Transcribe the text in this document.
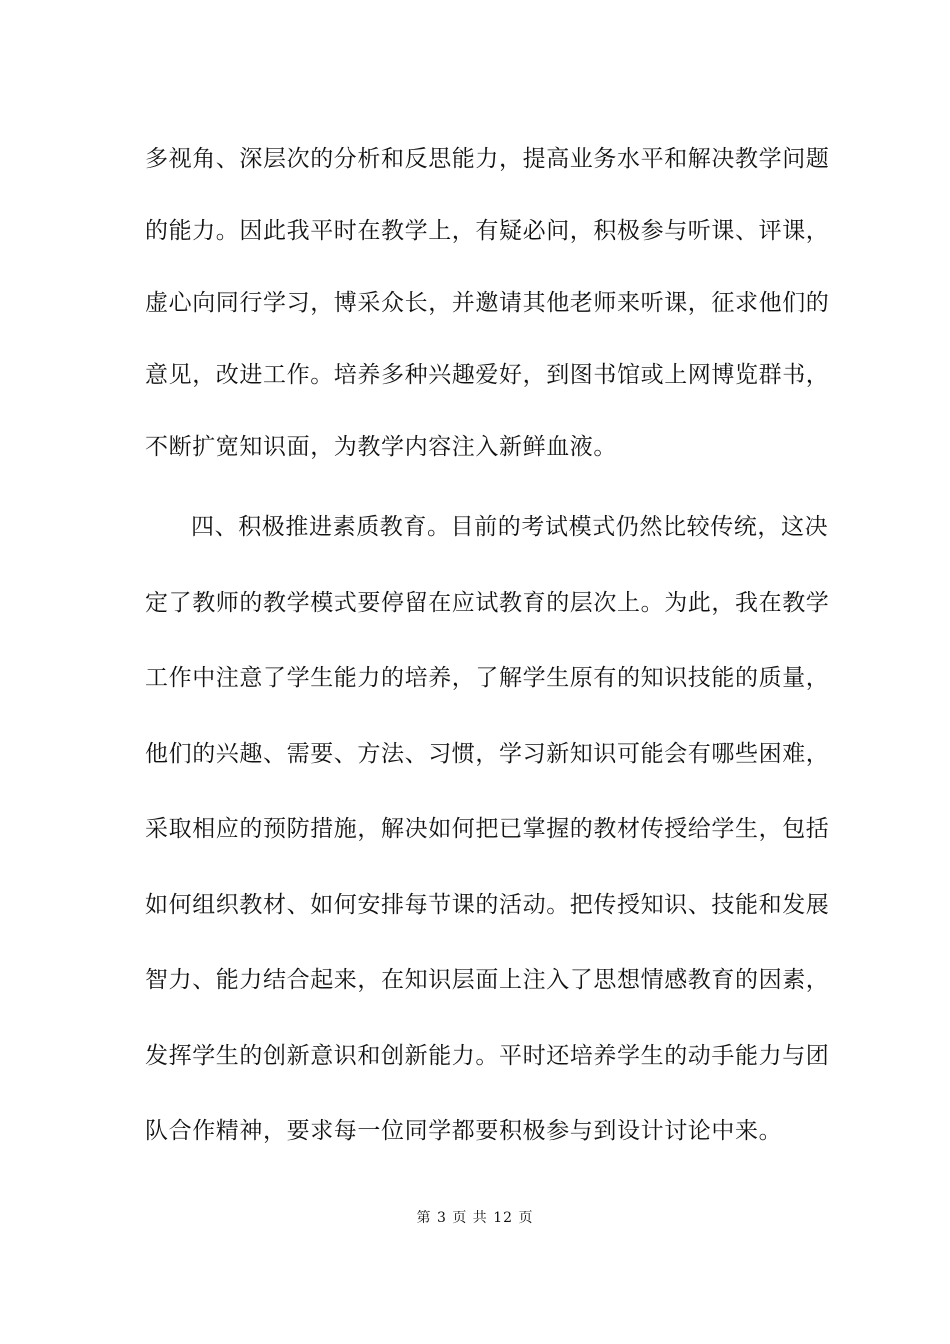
多视角、深层次的分析和反思能力，提高业务水平和解决教学问题
的能力。因此我平时在教学上，有疑必问，积极参与听课、评课，
虚心向同行学习，博采众长，并邀请其他老师来听课，征求他们的
意见，改进工作。培养多种兴趣爱好，到图书馆或上网博览群书，
不断扩宽知识面，为教学内容注入新鲜血液。
四、积极推进素质教育。目前的考试模式仍然比较传统，这决
定了教师的教学模式要停留在应试教育的层次上。为此，我在教学
工作中注意了学生能力的培养，了解学生原有的知识技能的质量，
他们的兴趣、需要、方法、习惯，学习新知识可能会有哪些困难，
采取相应的预防措施，解决如何把已掌握的教材传授给学生，包括
如何组织教材、如何安排每节课的活动。把传授知识、技能和发展
智力、能力结合起来，在知识层面上注入了思想情感教育的因素，
发挥学生的创新意识和创新能力。平时还培养学生的动手能力与团
队合作精神，要求每一位同学都要积极参与到设计讨论中来。
第 3 页 共 12 页
